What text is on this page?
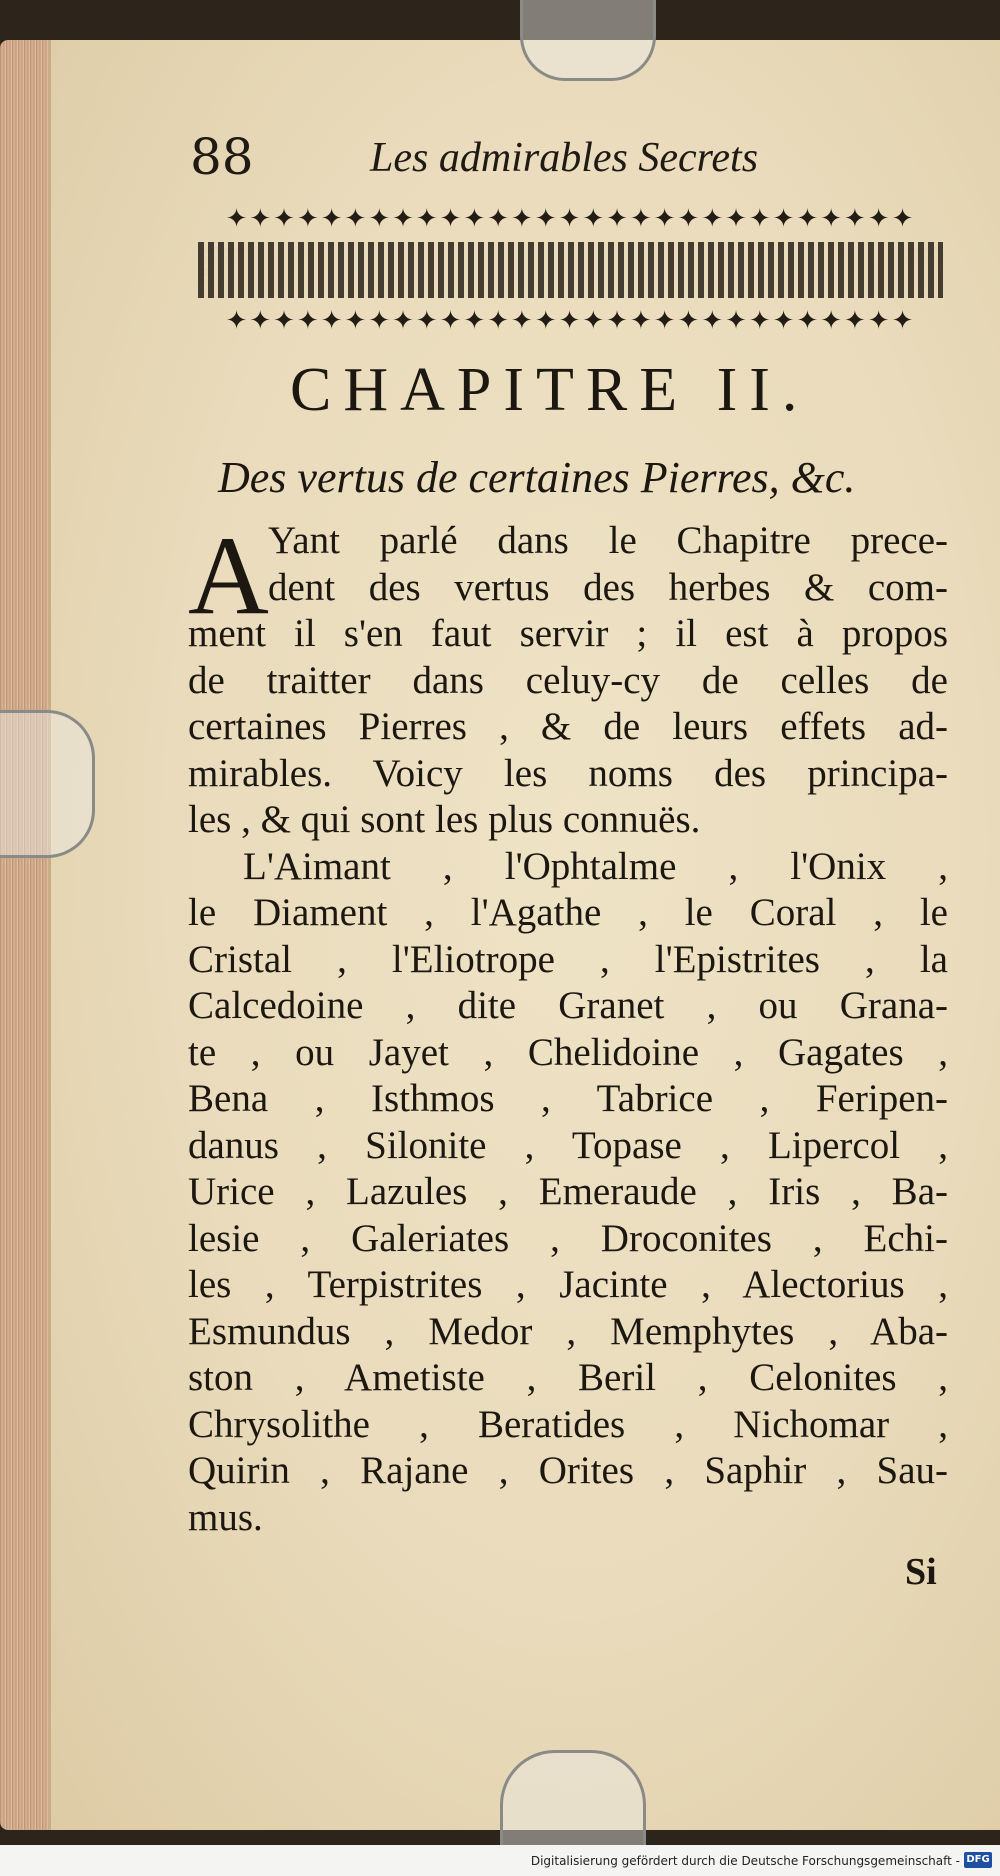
88	Les admirables Secrets
✦✦✦✦✦✦✦✦✦✦✦✦✦✦✦✦✦✦✦✦✦✦✦✦✦✦✦✦✦
✦✦✦✦✦✦✦✦✦✦✦✦✦✦✦✦✦✦✦✦✦✦✦✦✦✦✦✦✦
CHAPITRE II.
Des vertus de certaines Pierres, &c.
A Yant parlé dans le Chapitre prece-
dent des vertus des herbes & com-
ment il s'en faut servir ; il est à propos
de traitter dans celuy-cy de celles de
certaines Pierres , & de leurs effets ad-
mirables. Voicy les noms des principa-
les , & qui sont les plus connuës.
L'Aimant , l'Ophtalme , l'Onix ,
le Diament , l'Agathe , le Coral , le
Cristal , l'Eliotrope , l'Epistrites , la
Calcedoine , dite Granet , ou Grana-
te , ou Jayet , Chelidoine , Gagates ,
Bena , Isthmos , Tabrice , Feripen-
danus , Silonite , Topase , Lipercol ,
Urice , Lazules , Emeraude , Iris , Ba-
lesie , Galeriates , Droconites , Echi-
les , Terpistrites , Jacinte , Alectorius ,
Esmundus , Medor , Memphytes , Aba-
ston , Ametiste , Beril , Celonites ,
Chrysolithe , Beratides , Nichomar ,
Quirin , Rajane , Orites , Saphir , Sau-
mus.
Si
Digitalisierung gefördert durch die Deutsche Forschungsgemeinschaft - DFG
